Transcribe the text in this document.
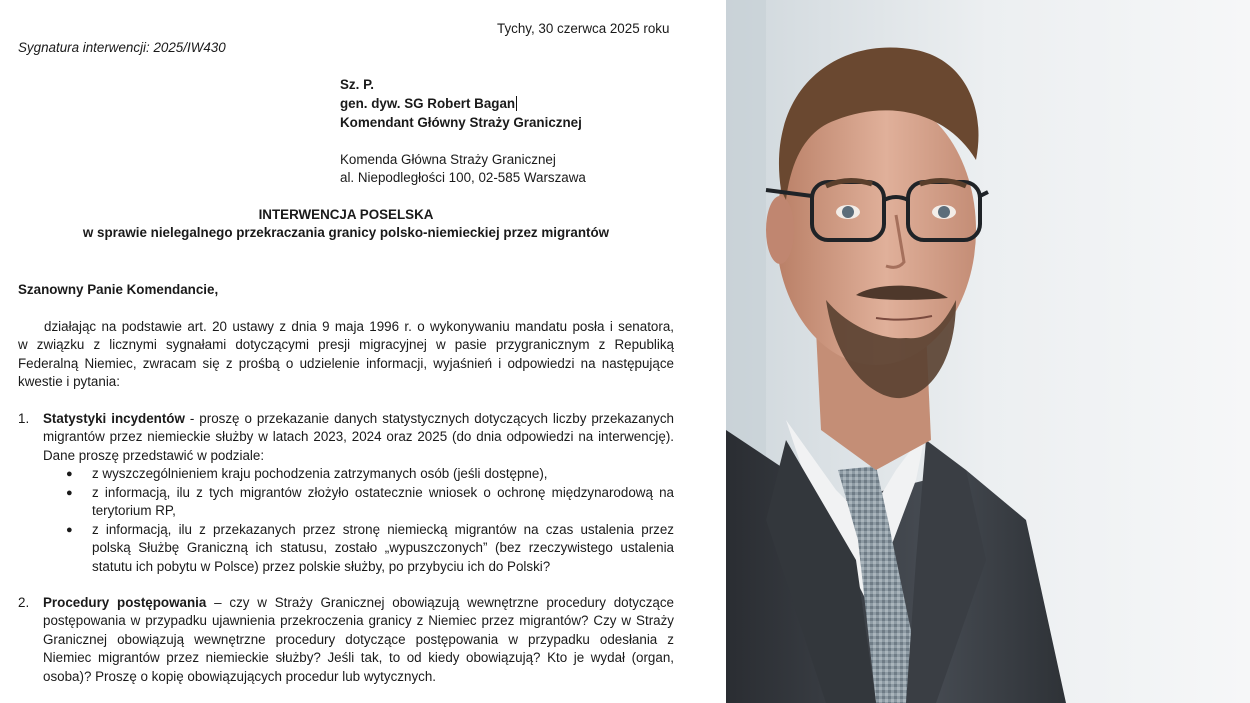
Tychy, 30 czerwca 2025 roku
Sygnatura interwencji: 2025/IW430
Sz. P.
gen. dyw. SG Robert Bagan
Komendant Główny Straży Granicznej
Komenda Główna Straży Granicznej
al. Niepodległości 100, 02-585 Warszawa
INTERWENCJA POSELSKA
w sprawie nielegalnego przekraczania granicy polsko-niemieckiej przez migrantów
Szanowny Panie Komendancie,
działając na podstawie art. 20 ustawy z dnia 9 maja 1996 r. o wykonywaniu mandatu posła i senatora,
w związku z licznymi sygnałami dotyczącymi presji migracyjnej w pasie przygranicznym z Republiką
Federalną Niemiec, zwracam się z prośbą o udzielenie informacji, wyjaśnień i odpowiedzi na następujące
kwestie i pytania:
1. Statystyki incydentów - proszę o przekazanie danych statystycznych dotyczących liczby przekazanych
migrantów przez niemieckie służby w latach 2023, 2024 oraz 2025 (do dnia odpowiedzi na interwencję).
Dane proszę przedstawić w podziale:
● z wyszczególnieniem kraju pochodzenia zatrzymanych osób (jeśli dostępne),
● z informacją, ilu z tych migrantów złożyło ostatecznie wniosek o ochronę międzynarodową na
terytorium RP,
● z informacją, ilu z przekazanych przez stronę niemiecką migrantów na czas ustalenia przez
polską Służbę Graniczną ich statusu, zostało „wypuszczonych” (bez rzeczywistego ustalenia
statutu ich pobytu w Polsce) przez polskie służby, po przybyciu ich do Polski?
2. Procedury postępowania – czy w Straży Granicznej obowiązują wewnętrzne procedury dotyczące
postępowania w przypadku ujawnienia przekroczenia granicy z Niemiec przez migrantów? Czy w Straży
Granicznej obowiązują wewnętrzne procedury dotyczące postępowania w przypadku odesłania z
Niemiec migrantów przez niemieckie służby? Jeśli tak, to od kiedy obowiązują? Kto je wydał (organ,
osoba)? Proszę o kopię obowiązujących procedur lub wytycznych.
